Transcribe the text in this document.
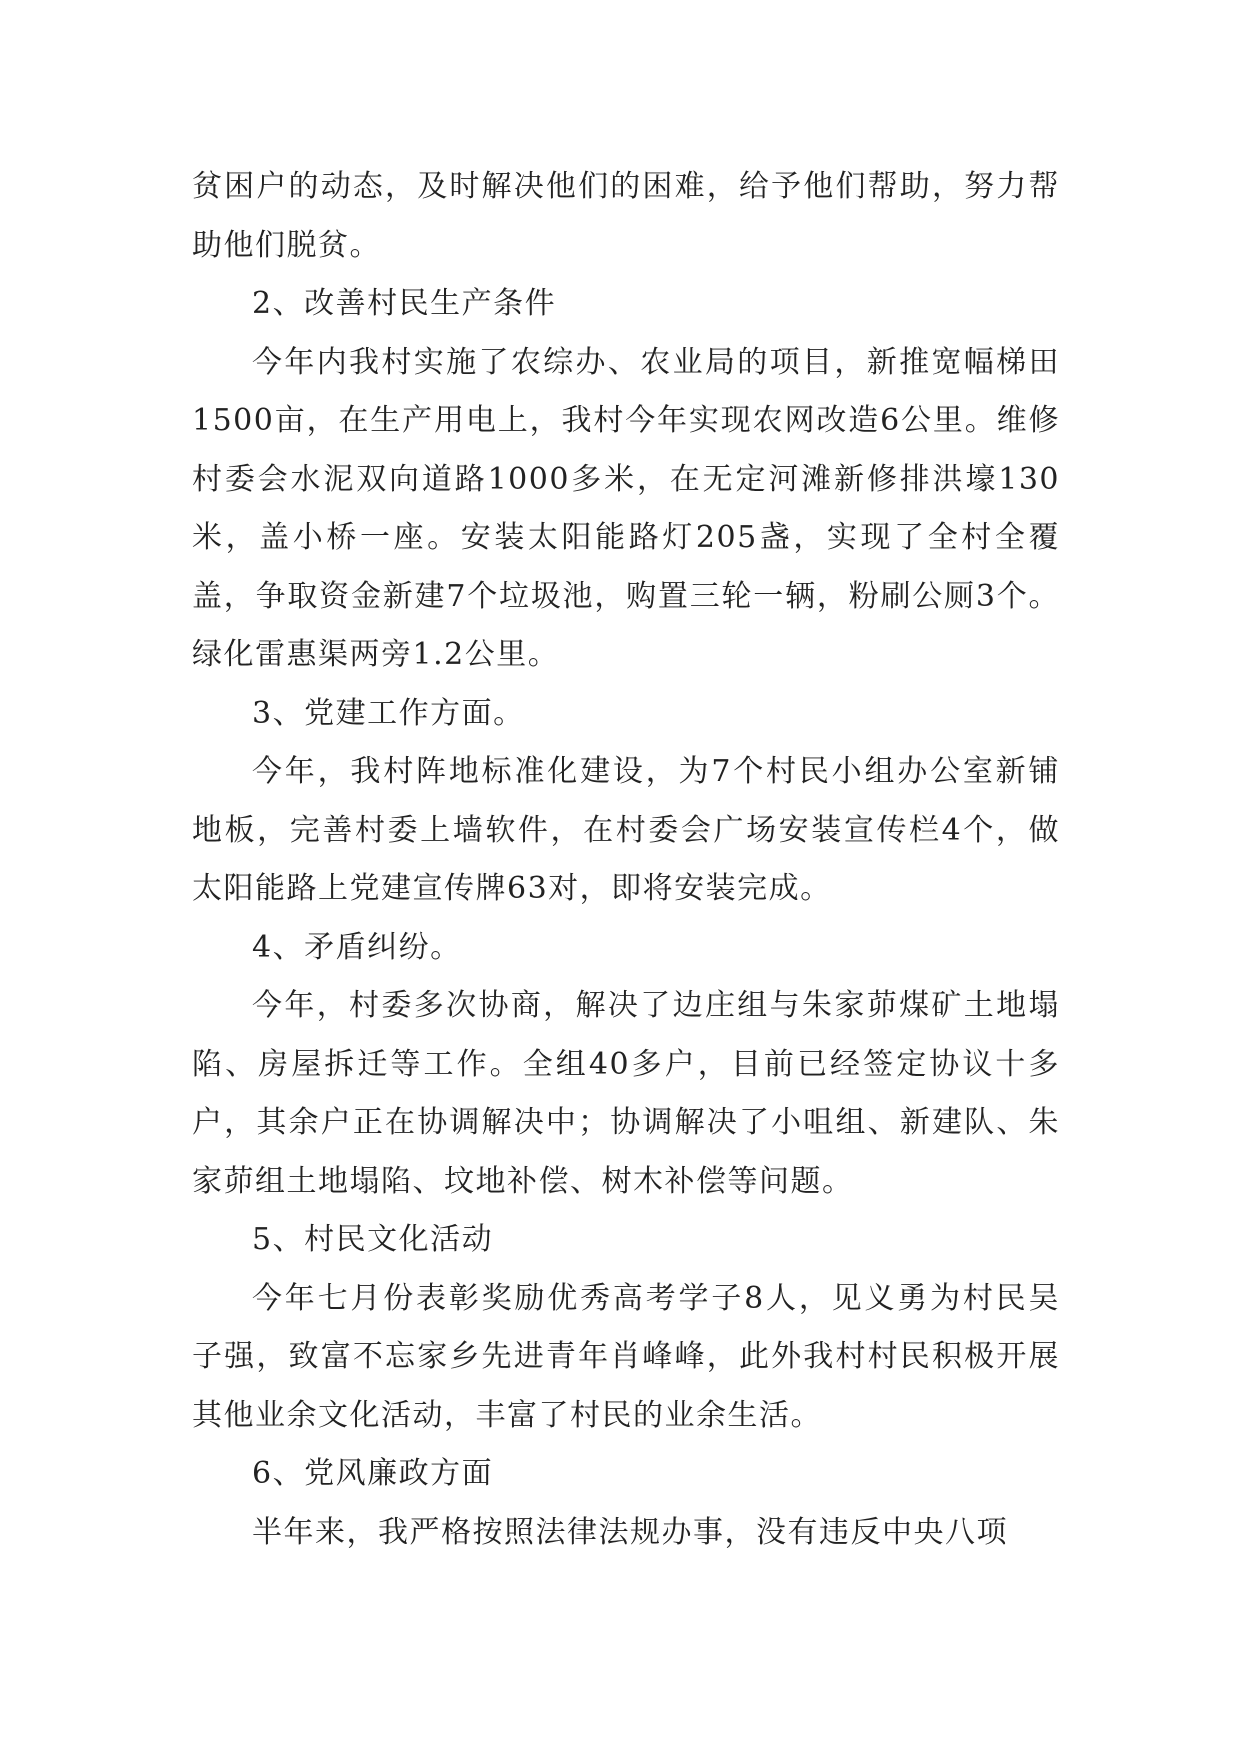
贫困户的动态，及时解决他们的困难，给予他们帮助，努力帮助他们脱贫。

2、改善村民生产条件

今年内我村实施了农综办、农业局的项目，新推宽幅梯田1500亩，在生产用电上，我村今年实现农网改造6公里。维修村委会水泥双向道路1000多米，在无定河滩新修排洪壕130米，盖小桥一座。安装太阳能路灯205盏，实现了全村全覆盖，争取资金新建7个垃圾池，购置三轮一辆，粉刷公厕3个。绿化雷惠渠两旁1.2公里。

3、党建工作方面。

今年，我村阵地标准化建设，为7个村民小组办公室新铺地板，完善村委上墙软件，在村委会广场安装宣传栏4个，做太阳能路上党建宣传牌63对，即将安装完成。

4、矛盾纠纷。

今年，村委多次协商，解决了边庄组与朱家茆煤矿土地塌陷、房屋拆迁等工作。全组40多户，目前已经签定协议十多户，其余户正在协调解决中；协调解决了小咀组、新建队、朱家茆组土地塌陷、坟地补偿、树木补偿等问题。

5、村民文化活动

今年七月份表彰奖励优秀高考学子8人，见义勇为村民吴子强，致富不忘家乡先进青年肖峰峰，此外我村村民积极开展其他业余文化活动，丰富了村民的业余生活。

6、党风廉政方面

半年来，我严格按照法律法规办事，没有违反中央八项
